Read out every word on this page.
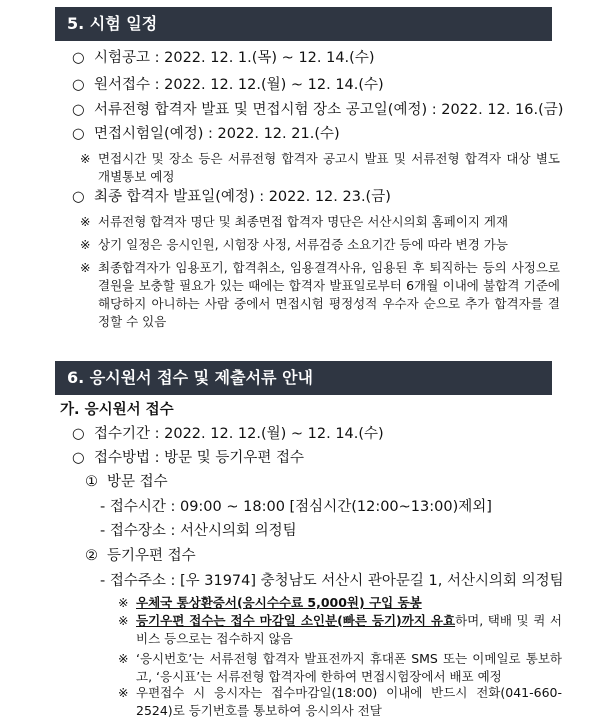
5. 시험 일정
○ 시험공고 : 2022. 12. 1.(목) ~ 12. 14.(수)
○ 원서접수 : 2022. 12. 12.(월) ~ 12. 14.(수)
○ 서류전형 합격자 발표 및 면접시험 장소 공고일(예정) : 2022. 12. 16.(금)
○ 면접시험일(예정) : 2022. 12. 21.(수)
※ 면접시간 및 장소 등은 서류전형 합격자 공고시 발표 및 서류전형 합격자 대상 별도 개별통보 예정
○ 최종 합격자 발표일(예정) : 2022. 12. 23.(금)
※ 서류전형 합격자 명단 및 최종면접 합격자 명단은 서산시의회 홈페이지 게재
※ 상기 일정은 응시인원, 시험장 사정, 서류검증 소요기간 등에 따라 변경 가능
※ 최종합격자가 임용포기, 합격취소, 임용결격사유, 임용된 후 퇴직하는 등의 사정으로 결원을 보충할 필요가 있는 때에는 합격자 발표일로부터 6개월 이내에 불합격 기준에 해당하지 아니하는 사람 중에서 면접시험 평정성적 우수자 순으로 추가 합격자를 결정할 수 있음
6. 응시원서 접수 및 제출서류 안내
가. 응시원서 접수
○ 접수기간 : 2022. 12. 12.(월) ~ 12. 14.(수)
○ 접수방법 : 방문 및 등기우편 접수
① 방문 접수
- 접수시간 : 09:00 ~ 18:00 [점심시간(12:00~13:00)제외]
- 접수장소 : 서산시의회 의정팀
② 등기우편 접수
- 접수주소 : [우 31974] 충청남도 서산시 관아문길 1, 서산시의회 의정팀
※ 우체국 통상환증서(응시수수료 5,000원) 구입 동봉
※ 등기우편 접수는 접수 마감일 소인분(빠른 등기)까지 유효하며, 택배 및 퀵 서비스 등으로는 접수하지 않음
※ ‘응시번호’는 서류전형 합격자 발표전까지 휴대폰 SMS 또는 이메일로 통보하고, ‘응시표’는 서류전형 합격자에 한하여 면접시험장에서 배포 예정
※ 우편접수 시 응시자는 접수마감일(18:00) 이내에 반드시 전화(041-660-2524)로 등기번호를 통보하여 응시의사 전달
